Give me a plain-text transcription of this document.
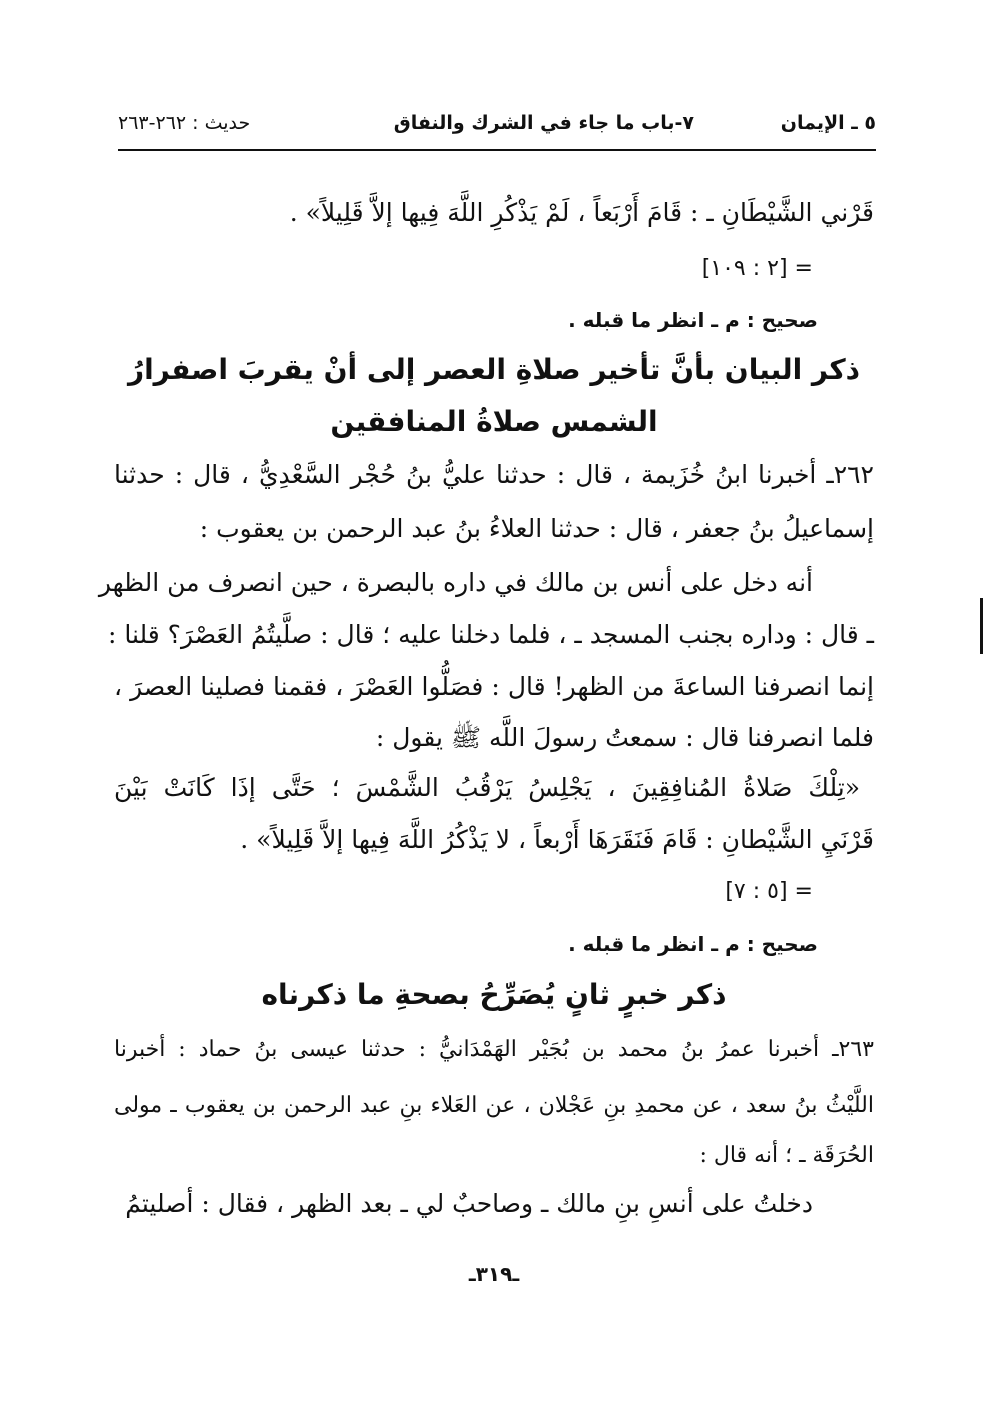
٥ ـ الإيمان
٧-باب ما جاء في الشرك والنفاق
حديث : ٢٦٢-٢٦٣
قَرْني الشَّيْطَانِ ـ : قَامَ أَرْبَعاً ، لَمْ يَذْكُرِ اللَّهَ فِيها إلاَّ قَلِيلاً» .
= [٢ : ١٠٩]
صحيح : م ـ انظر ما قبله .
ذكر البيان بأنَّ تأخير صلاةِ العصر إلى أنْ يقربَ اصفرارُ
الشمس صلاةُ المنافقين
٢٦٢ـ أخبرنا ابنُ خُزَيمة ، قال : حدثنا عليُّ بنُ حُجْر السَّعْدِيُّ ، قال : حدثنا
إسماعيلُ بنُ جعفر ، قال : حدثنا العلاءُ بنُ عبد الرحمن بن يعقوب :
أنه دخل على أنس بن مالك في داره بالبصرة ، حين انصرف من الظهر
ـ قال : وداره بجنب المسجد ـ ، فلما دخلنا عليه ؛ قال : صلَّيتُمُ العَصْرَ؟ قلنا :
إنما انصرفنا الساعةَ من الظهر! قال : فصَلُّوا العَصْرَ ، فقمنا فصلينا العصرَ ،
فلما انصرفنا قال : سمعتُ رسولَ اللَّه ﷺ يقول :
«تِلْكَ صَلاةُ المُنافِقِينَ ، يَجْلِسُ يَرْقُبُ الشَّمْسَ ؛ حَتَّى إذَا كَانَتْ بَيْنَ
قَرْنَيِ الشَّيْطانِ : قَامَ فَنَقَرَهَا أَرْبعاً ، لا يَذْكُرُ اللَّهَ فِيها إلاَّ قَلِيلاً» .
= [٥ : ٧]
صحيح : م ـ انظر ما قبله .
ذكر خبرٍ ثانٍ يُصَرِّحُ بصحةِ ما ذكرناه
٢٦٣ـ أخبرنا عمرُ بنُ محمد بن بُجَيْر الهَمْدَانيُّ : حدثنا عيسى بنُ حماد : أخبرنا
اللَّيْثُ بنُ سعد ، عن محمدِ بنِ عَجْلان ، عن العَلاء بنِ عبد الرحمن بن يعقوب ـ مولى
الحُرَقَة ـ ؛ أنه قال :
دخلتُ على أنسِ بنِ مالك ـ وصاحبٌ لي ـ بعد الظهر ، فقال : أصليتمُ
ـ٣١٩ـ
